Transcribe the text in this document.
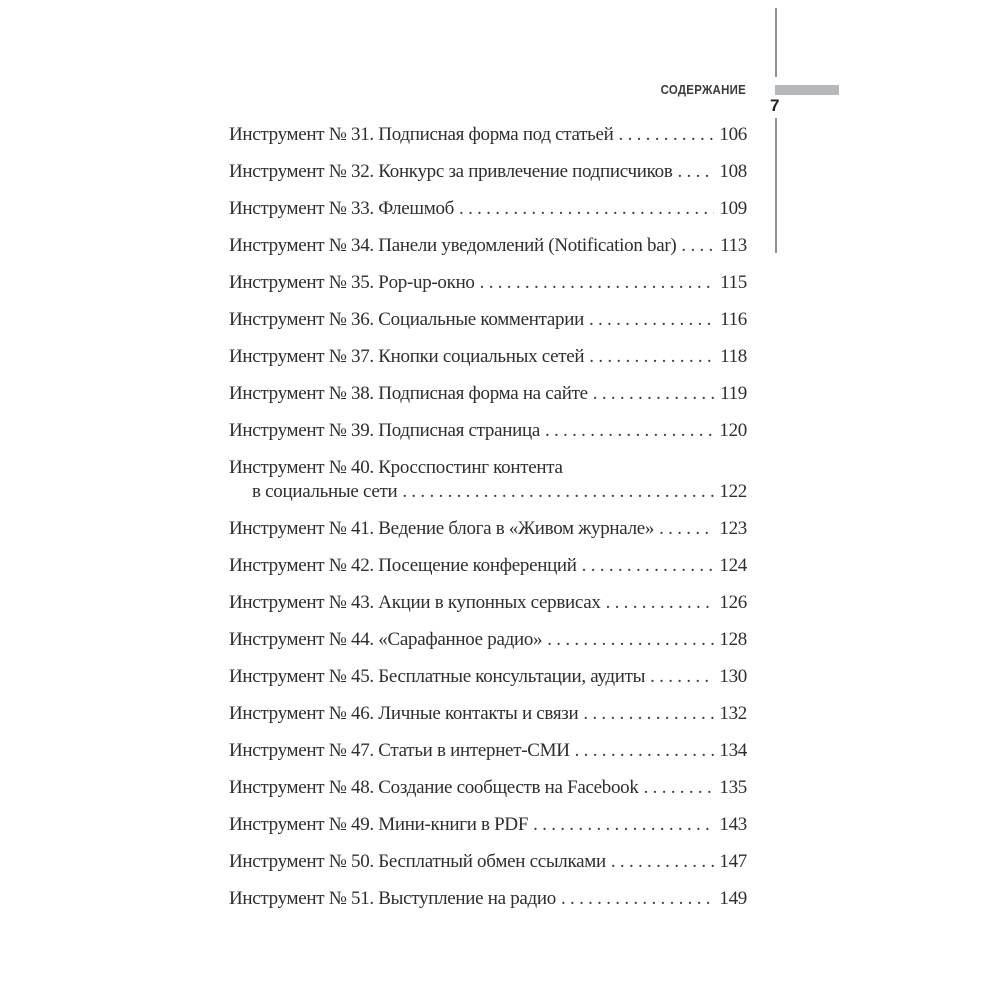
СОДЕРЖАНИЕ
7
Инструмент № 31. Подписная форма под статьей .....	106
Инструмент № 32. Конкурс за привлечение подписчиков ..... 108
Инструмент № 33. Флешмоб .....	109
Инструмент № 34. Панели уведомлений (Notification bar) ..... 113
Инструмент № 35. Pop-up-окно .....	115
Инструмент № 36. Социальные комментарии .....	116
Инструмент № 37. Кнопки социальных сетей .....	118
Инструмент № 38. Подписная форма на сайте .....	119
Инструмент № 39. Подписная страница .....	120
Инструмент № 40. Кросспостинг контента
в социальные сети .....	122
Инструмент № 41. Ведение блога в «Живом журнале» .....	123
Инструмент № 42. Посещение конференций .....	124
Инструмент № 43. Акции в купонных сервисах .....	126
Инструмент № 44. «Сарафанное радио» .....	128
Инструмент № 45. Бесплатные консультации, аудиты .....	130
Инструмент № 46. Личные контакты и связи .....	132
Инструмент № 47. Статьи в интернет-СМИ .....	134
Инструмент № 48. Создание сообществ на Facebook .....	135
Инструмент № 49. Мини-книги в PDF .....	143
Инструмент № 50. Бесплатный обмен ссылками .....	147
Инструмент № 51. Выступление на радио .....	149
